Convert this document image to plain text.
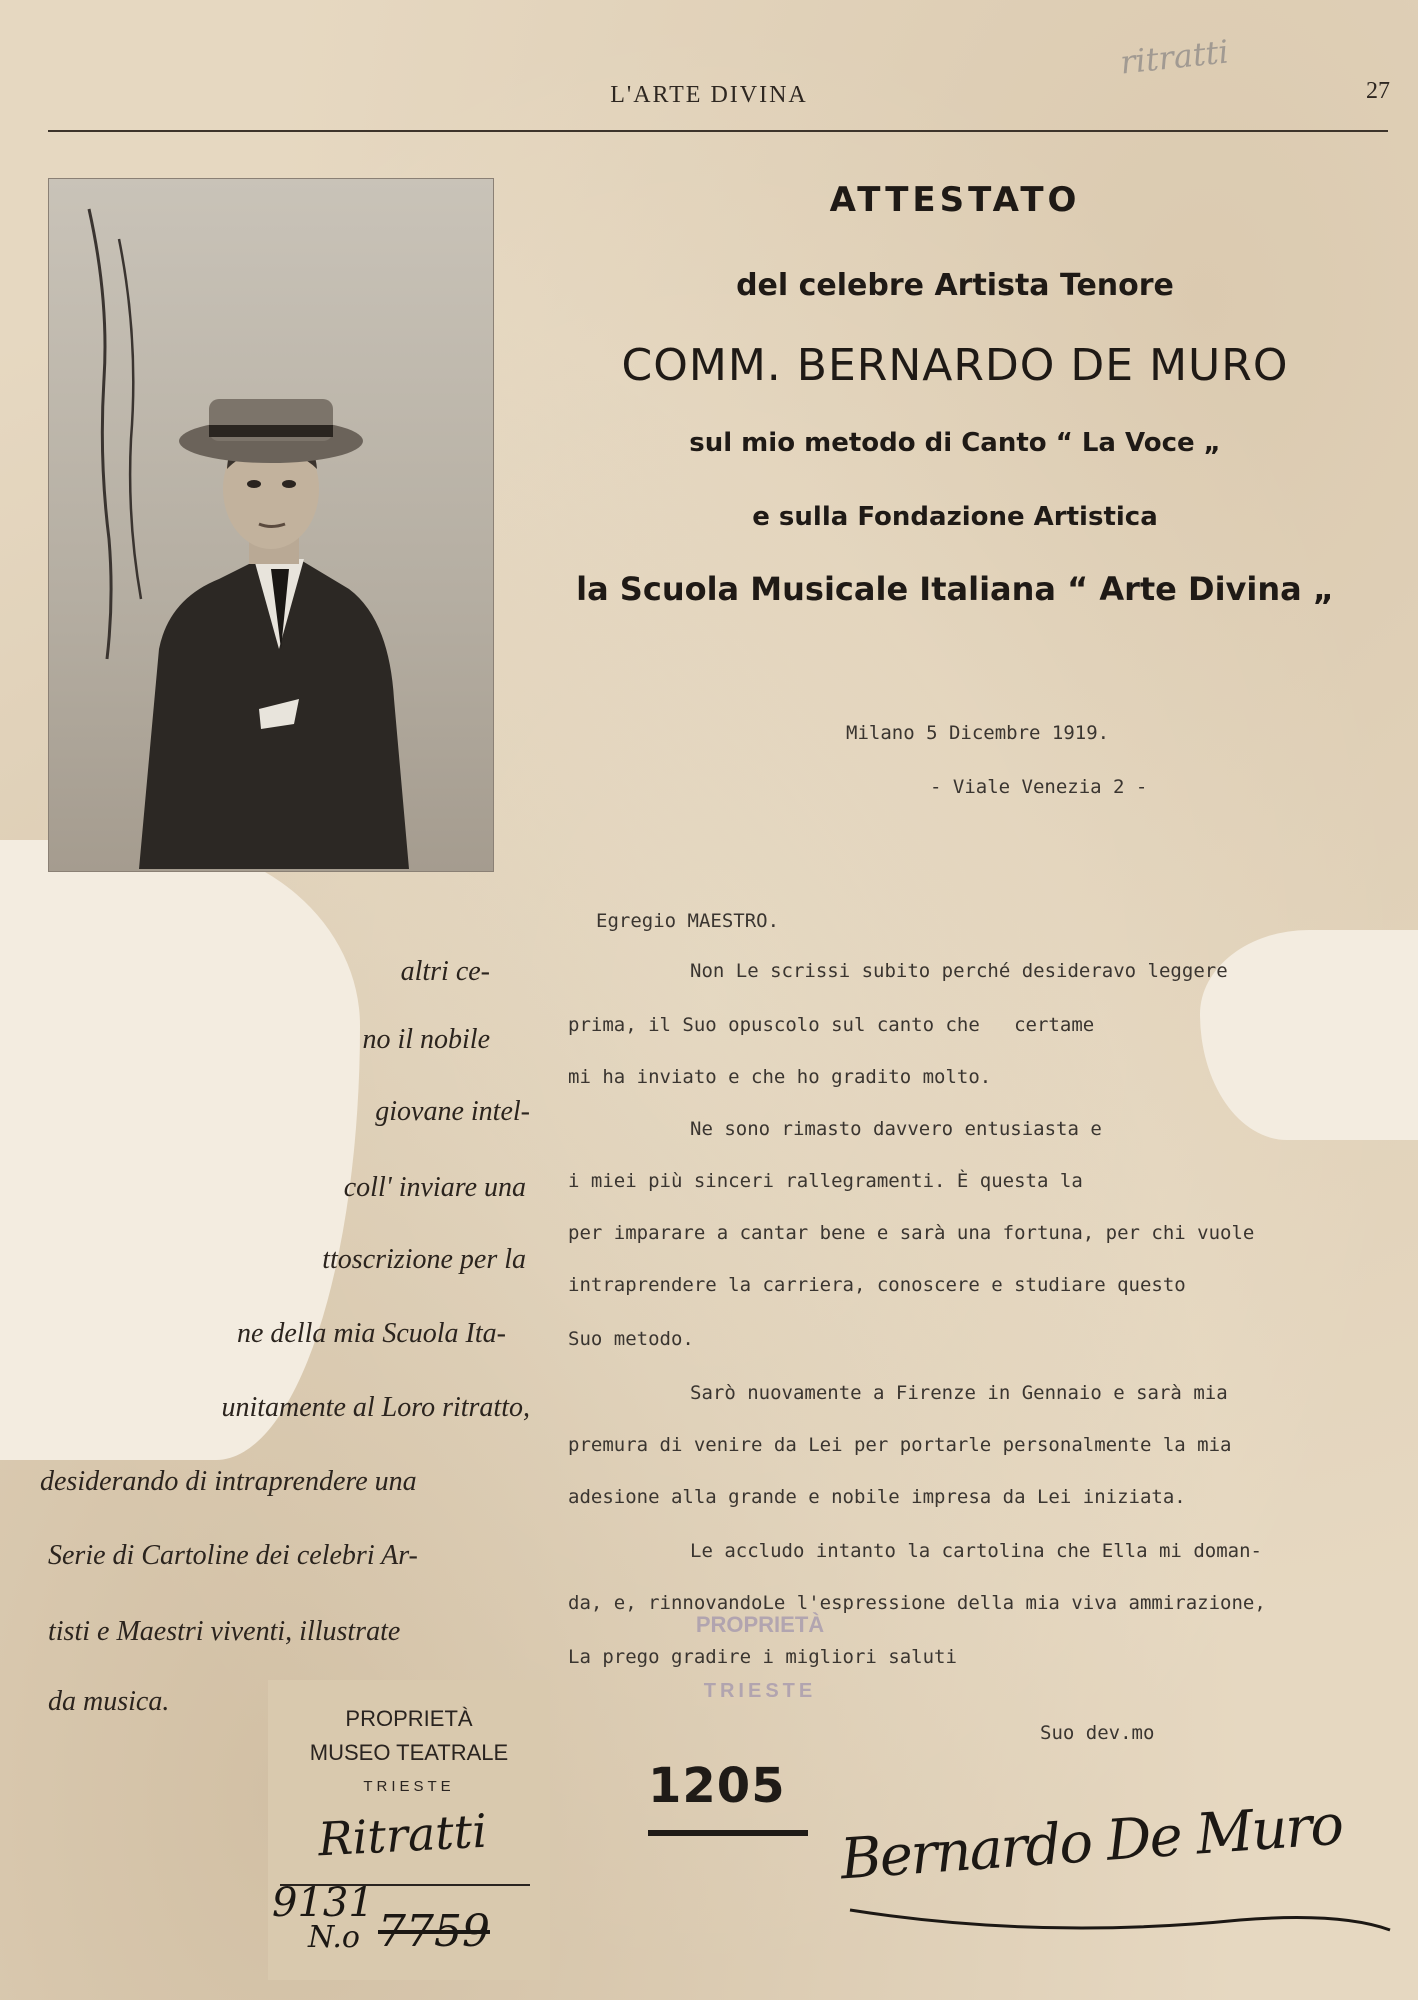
ritratti
L'ARTE DIVINA	27
ATTESTATO
del celebre Artista Tenore
COMM. BERNARDO DE MURO
sul mio metodo di Canto “ La Voce „
e sulla Fondazione Artistica
la Scuola Musicale Italiana “ Arte Divina „
Milano 5 Dicembre 1919.
- Viale Venezia 2 -
Egregio MAESTRO.
Non Le scrissi subito perché desideravo leggere
prima, il Suo opuscolo sul canto che   certame
mi ha inviato e che ho gradito molto.
Ne sono rimasto davvero entusiasta e
i miei più sinceri rallegramenti. È questa la
per imparare a cantar bene e sarà una fortuna, per chi vuole
intraprendere la carriera, conoscere e studiare questo
Suo metodo.
Sarò nuovamente a Firenze in Gennaio e sarà mia
premura di venire da Lei per portarle personalmente la mia
adesione alla grande e nobile impresa da Lei iniziata.
Le accludo intanto la cartolina che Ella mi doman-
da, e, rinnovandoLe l'espressione della mia viva ammirazione,
La prego gradire i migliori saluti
Suo dev.mo
Bernardo De Muro
PROPRIETÀ
TRIESTE
1205
altri ce-
no il nobile
giovane intel-
coll' inviare una
ttoscrizione per la
ne della mia Scuola Ita-
unitamente al Loro ritratto,
desiderando di intraprendere una
Serie di Cartoline dei celebri Ar-
tisti e Maestri viventi, illustrate
da musica.
PROPRIETÀ
MUSEO TEATRALE
TRIESTE
Ritratti
9131
N.o 7759
